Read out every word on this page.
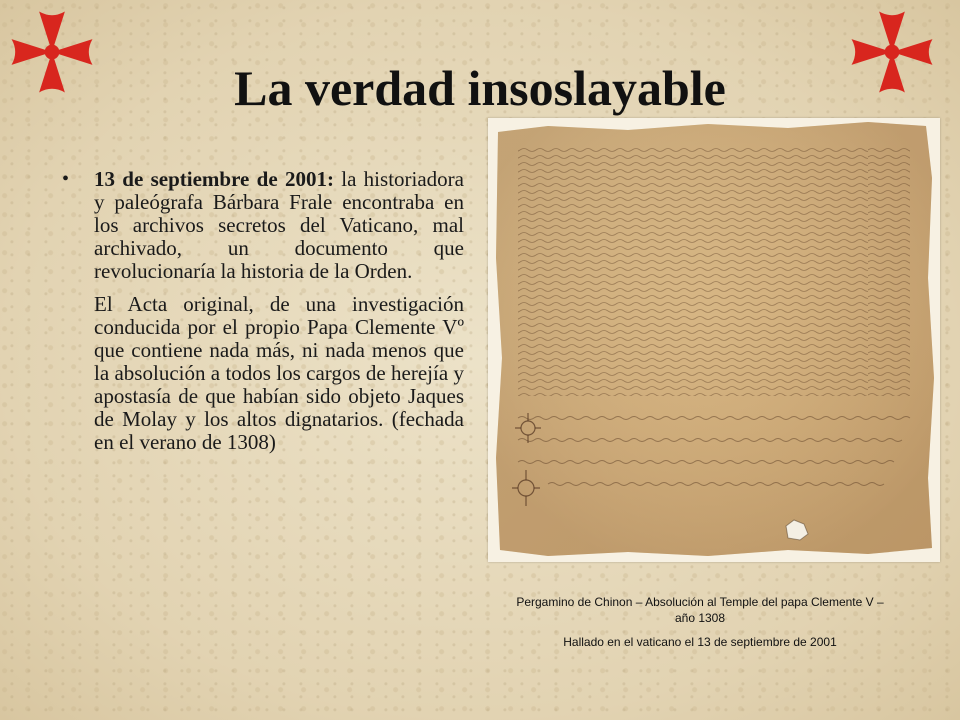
La verdad insoslayable
•	13 de septiembre de 2001: la historiadora y paleógrafa Bárbara Frale encontraba en los archivos secretos del Vaticano, mal archivado, un documento que revolucionaría la historia de la Orden.

El Acta original, de una investigación conducida por el propio Papa Clemente Vº que contiene nada más, ni nada menos que la absolución a todos los cargos de herejía y apostasía de que habían sido objeto Jaques de Molay y los altos dignatarios. (fechada en el verano de 1308)

Pergamino de Chinon – Absolución al Temple del papa Clemente V – año 1308
Hallado en el vaticano el 13 de septiembre de 2001
